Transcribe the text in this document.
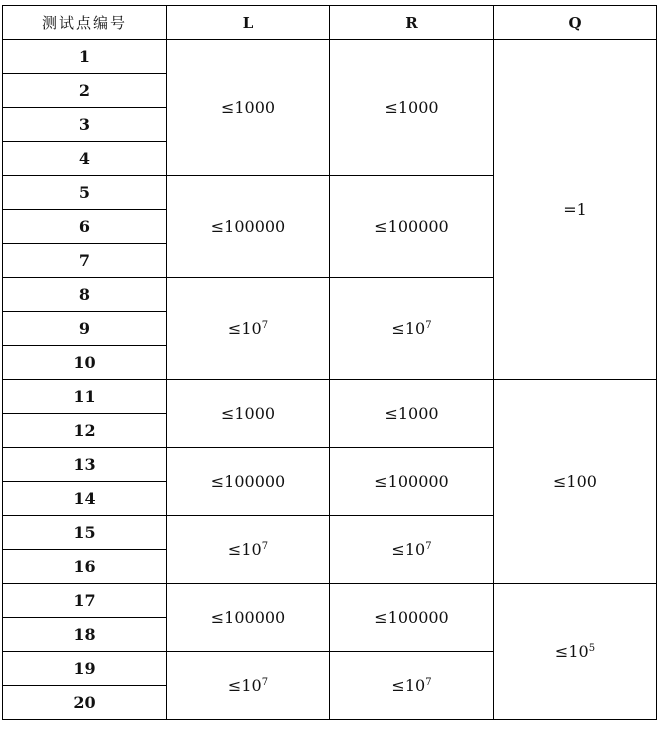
测试点编号	L	R	Q
1	≤1000	≤1000	=1
2			
3			
4			
5	≤100000	≤100000	
6			
7			
8	$\le 10^7$	$\le 10^7$
9			
10			
11	≤1000	≤1000	≤100
12			
13	≤100000	≤100000	
14			
15	$\le 10^7$	$\le 10^7$
16			
17	≤100000	≤100000	$\le 10^5$
18			
19	$\le 10^7$	$\le 10^7$
20			
